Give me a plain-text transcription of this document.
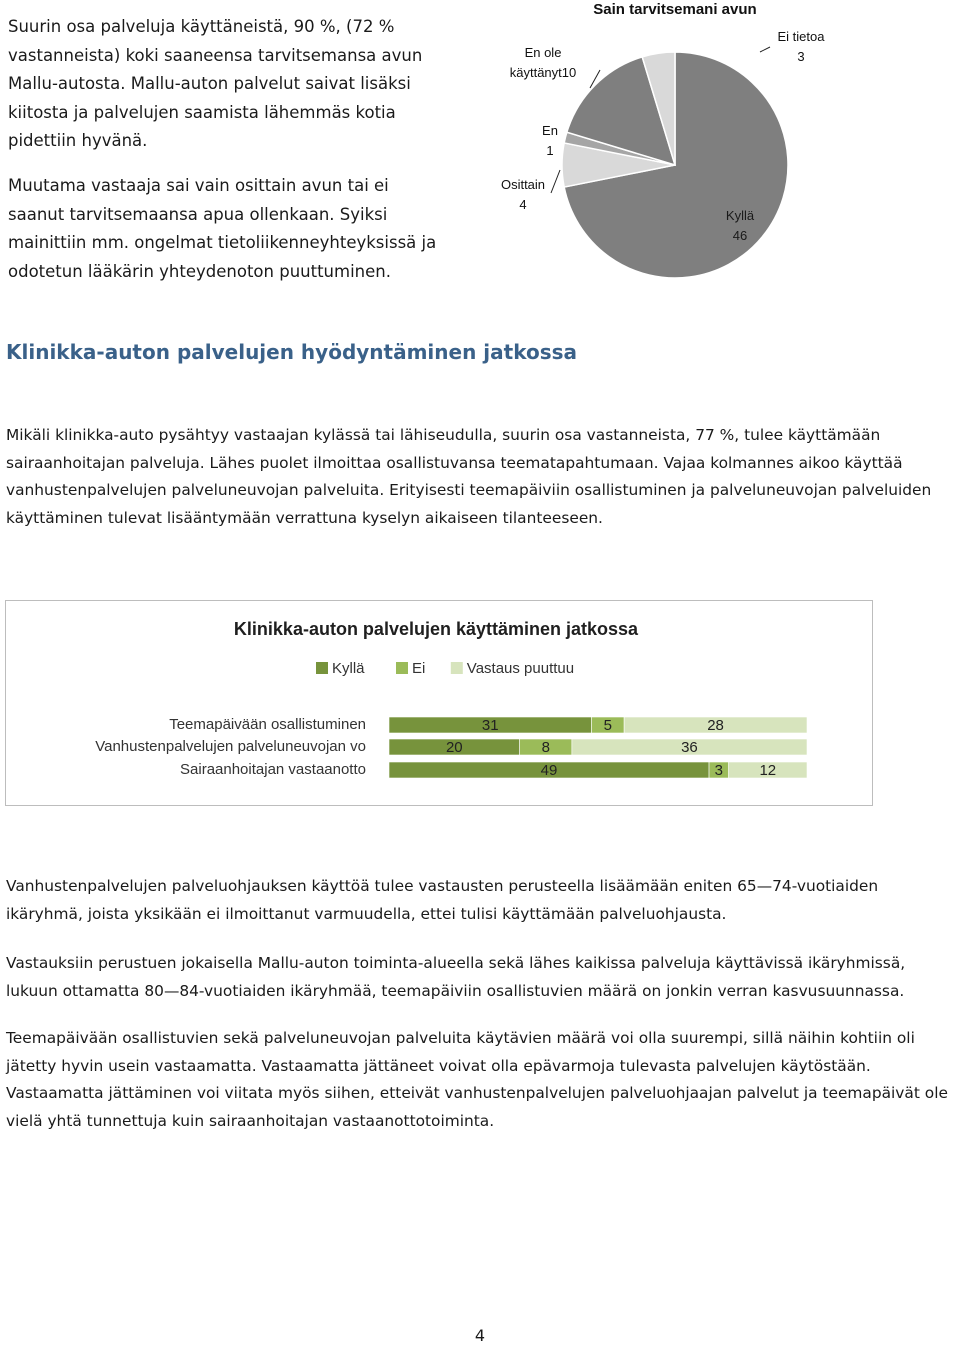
Suurin osa palveluja käyttäneistä, 90 %, (72 % vastanneista) koki saaneensa tarvitsemansa avun Mallu-autosta. Mallu-auton palvelut saivat lisäksi kiitosta ja palvelujen saamista lähemmäs kotia pidettiin hyvänä.

Muutama vastaaja sai vain osittain avun tai ei saanut tarvitsemaansa apua ollenkaan. Syiksi mainittiin mm. ongelmat tietoliikenneyhteyksissä ja odotetun lääkärin yhteydenoton puuttuminen.

Sain tarvitsemani avun
Kyllä 46
Osittain 4
En 1
En ole käyttänyt10
Ei tietoa 3
Klinikka-auton palvelujen hyödyntäminen jatkossa

Mikäli klinikka-auto pysähtyy vastaajan kylässä tai lähiseudulla, suurin osa vastanneista, 77 %, tulee käyttämään sairaanhoitajan palveluja. Lähes puolet ilmoittaa osallistuvansa teematapahtumaan. Vajaa kolmannes aikoo käyttää vanhustenpalvelujen palveluneuvojan palveluita. Erityisesti teemapäiviin osallistuminen ja palveluneuvojan palveluiden käyttäminen tulevat lisääntymään verrattuna kyselyn aikaiseen tilanteeseen.

Klinikka-auton palvelujen käyttäminen jatkossa
Kyllä	Ei	Vastaus puuttuu
Teemapäivään osallistuminen
Vanhustenpalvelujen palveluneuvojan vo
Sairaanhoitajan vastaanotto
31	5	28
20	8	36
49	3 12

Vanhustenpalvelujen palveluohjauksen käyttöä tulee vastausten perusteella lisäämään eniten 65—74-vuotiaiden ikäryhmä, joista yksikään ei ilmoittanut varmuudella, ettei tulisi käyttämään palveluohjausta.

Vastauksiin perustuen jokaisella Mallu-auton toiminta-alueella sekä lähes kaikissa palveluja käyttävissä ikäryhmissä, lukuun ottamatta 80—84-vuotiaiden ikäryhmää, teemapäiviin osallistuvien määrä on jonkin verran kasvusuunnassa.

Teemapäivään osallistuvien sekä palveluneuvojan palveluita käytävien määrä voi olla suurempi, sillä näihin kohtiin oli jätetty hyvin usein vastaamatta. Vastaamatta jättäneet voivat olla epävarmoja tulevasta palvelujen käytöstään. Vastaamatta jättäminen voi viitata myös siihen, etteivät vanhustenpalvelujen palveluohjaajan palvelut ja teemapäivät ole vielä yhtä tunnettuja kuin sairaanhoitajan vastaanottotoiminta.

4
